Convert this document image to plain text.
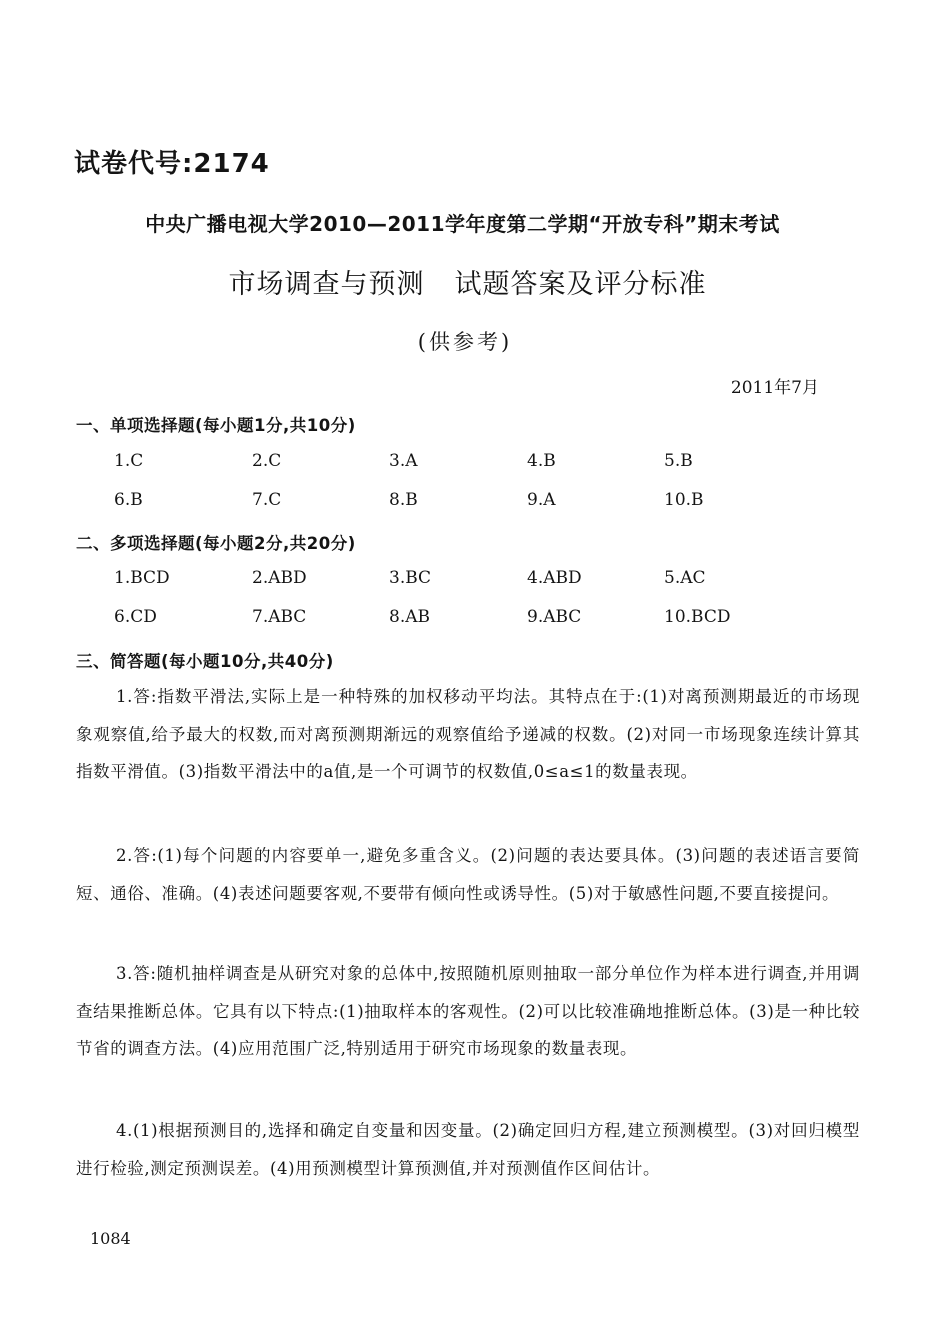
试卷代号:2174
中央广播电视大学2010—2011学年度第二学期“开放专科”期末考试
市场调查与预测 试题答案及评分标准
(供参考)
2011年7月
一、单项选择题(每小题1分,共10分)
1.C	2.C	3.A	4.B	5.B
6.B	7.C	8.B	9.A	10.B
二、多项选择题(每小题2分,共20分)
1.BCD	2.ABD	3.BC	4.ABD	5.AC
6.CD	7.ABC	8.AB	9.ABC	10.BCD
三、简答题(每小题10分,共40分)
1.答:指数平滑法,实际上是一种特殊的加权移动平均法。其特点在于:(1)对离预测期最近的市场现象观察值,给予最大的权数,而对离预测期渐远的观察值给予递减的权数。(2)对同一市场现象连续计算其指数平滑值。(3)指数平滑法中的a值,是一个可调节的权数值,0≤a≤1的数量表现。
2.答:(1)每个问题的内容要单一,避免多重含义。(2)问题的表达要具体。(3)问题的表述语言要简短、通俗、准确。(4)表述问题要客观,不要带有倾向性或诱导性。(5)对于敏感性问题,不要直接提问。
3.答:随机抽样调查是从研究对象的总体中,按照随机原则抽取一部分单位作为样本进行调查,并用调查结果推断总体。它具有以下特点:(1)抽取样本的客观性。(2)可以比较准确地推断总体。(3)是一种比较节省的调查方法。(4)应用范围广泛,特别适用于研究市场现象的数量表现。
4.(1)根据预测目的,选择和确定自变量和因变量。(2)确定回归方程,建立预测模型。(3)对回归模型进行检验,测定预测误差。(4)用预测模型计算预测值,并对预测值作区间估计。
1084
